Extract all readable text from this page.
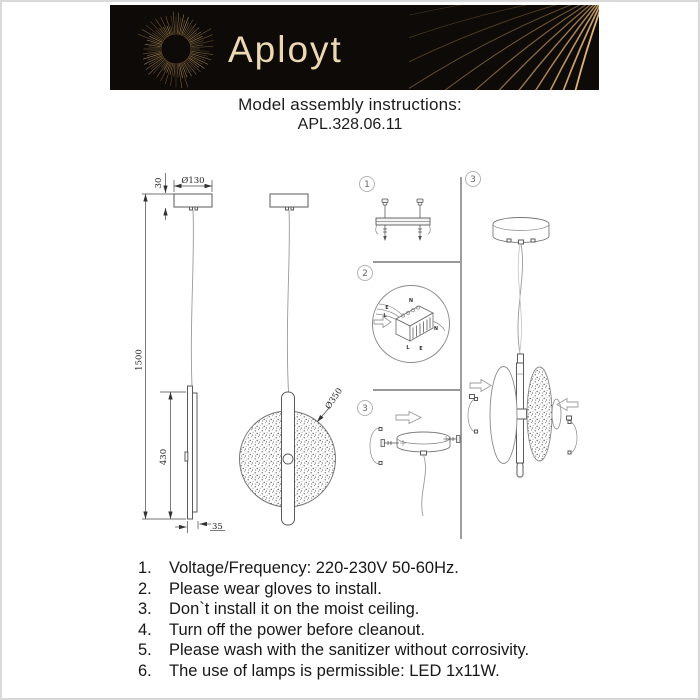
Aployt
Model assembly instructions:
APL.328.06.11
30 Ø130
1500
430
35
Ø350
1
2
N
E
L
N
L E
3
3
1.	Voltage/Frequency: 220-230V 50-60Hz.
2.	Please wear gloves to install.
3.	Don`t install it on the moist ceiling.
4.	Turn off the power before cleanout.
5.	Please wash with the sanitizer without corrosivity.
6.	The use of lamps is permissible: LED 1x11W.
